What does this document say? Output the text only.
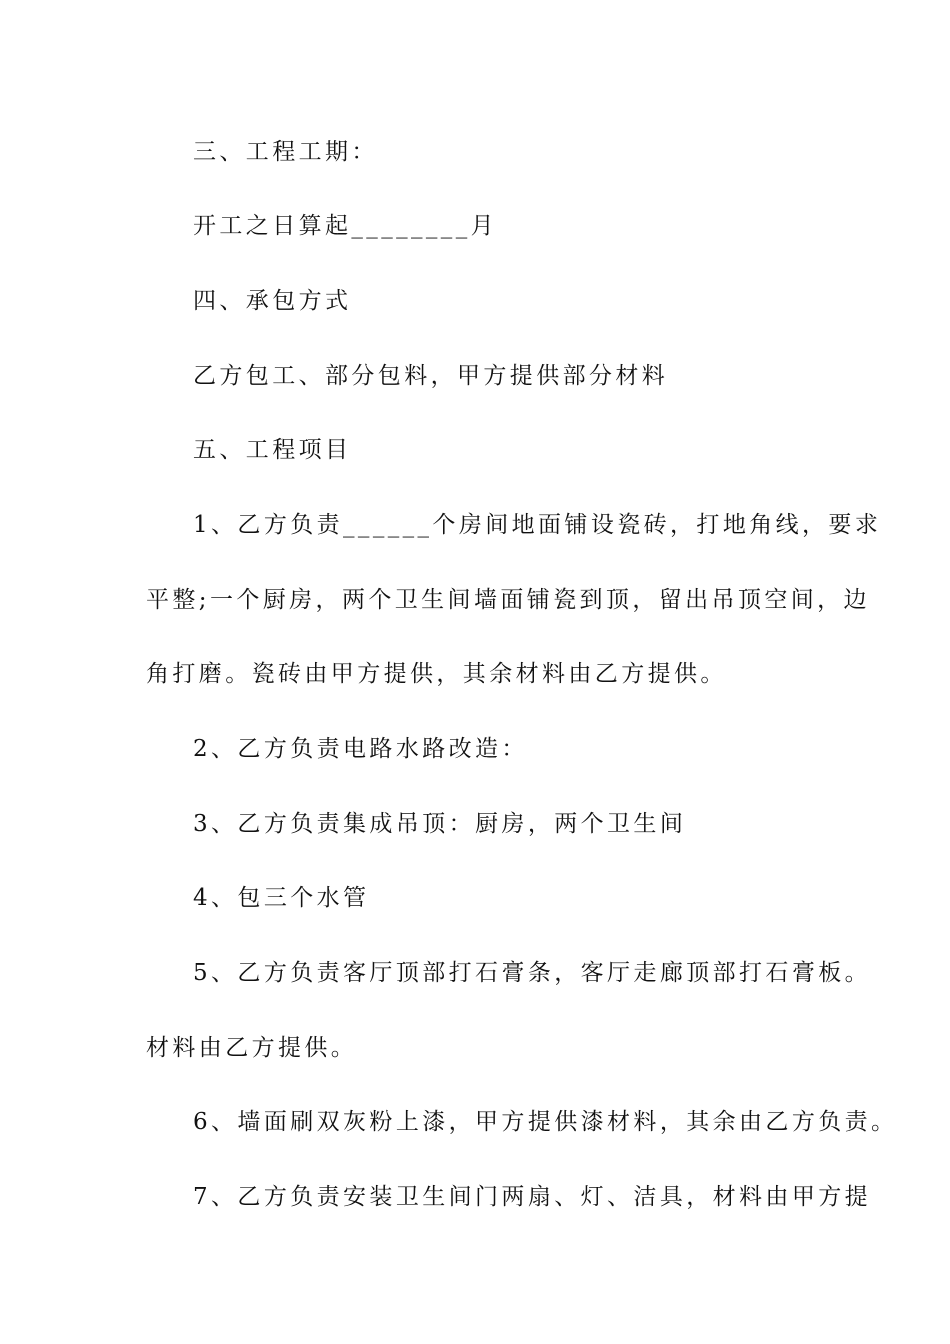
三、工程工期：

开工之日算起________月

四、承包方式

乙方包工、部分包料，甲方提供部分材料

五、工程项目

1、乙方负责______个房间地面铺设瓷砖，打地角线，要求

平整;一个厨房，两个卫生间墙面铺瓷到顶，留出吊顶空间，边

角打磨。瓷砖由甲方提供，其余材料由乙方提供。

2、乙方负责电路水路改造：

3、乙方负责集成吊顶：厨房，两个卫生间

4、包三个水管

5、乙方负责客厅顶部打石膏条，客厅走廊顶部打石膏板。

材料由乙方提供。

6、墙面刷双灰粉上漆，甲方提供漆材料，其余由乙方负责。

7、乙方负责安装卫生间门两扇、灯、洁具，材料由甲方提
